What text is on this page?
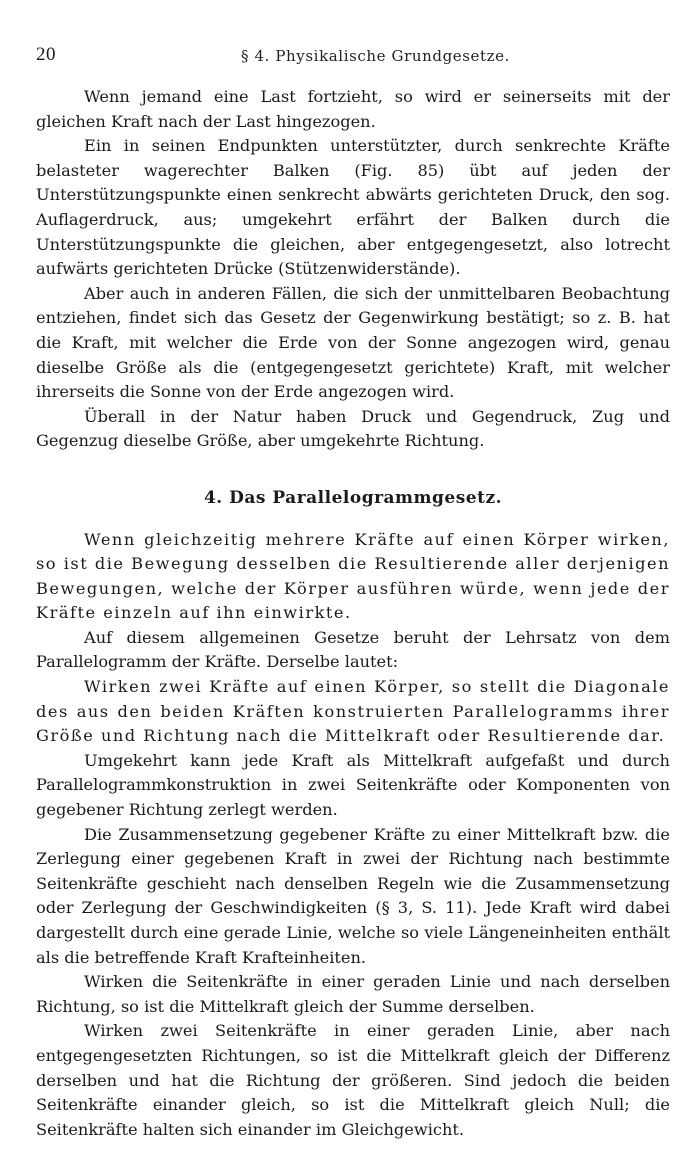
20	§ 4. Physikalische Grundgesetze.

Wenn jemand eine Last fortzieht, so wird er seinerseits mit der gleichen Kraft nach der Last hingezogen.

Ein in seinen Endpunkten unterstützter, durch senkrechte Kräfte belasteter wagerechter Balken (Fig. 85) übt auf jeden der Unterstützungspunkte einen senkrecht abwärts gerichteten Druck, den sog. Auflagerdruck, aus; umgekehrt erfährt der Balken durch die Unterstützungspunkte die gleichen, aber entgegengesetzt, also lotrecht aufwärts gerichteten Drücke (Stützenwiderstände).

Aber auch in anderen Fällen, die sich der unmittelbaren Beobachtung entziehen, findet sich das Gesetz der Gegenwirkung bestätigt; so z. B. hat die Kraft, mit welcher die Erde von der Sonne angezogen wird, genau dieselbe Größe als die (entgegengesetzt gerichtete) Kraft, mit welcher ihrerseits die Sonne von der Erde angezogen wird.

Überall in der Natur haben Druck und Gegendruck, Zug und Gegenzug dieselbe Größe, aber umgekehrte Richtung.

4. Das Parallelogrammgesetz.

Wenn gleichzeitig mehrere Kräfte auf einen Körper wirken, so ist die Bewegung desselben die Resultierende aller derjenigen Bewegungen, welche der Körper ausführen würde, wenn jede der Kräfte einzeln auf ihn einwirkte.

Auf diesem allgemeinen Gesetze beruht der Lehrsatz von dem Parallelogramm der Kräfte. Derselbe lautet:

Wirken zwei Kräfte auf einen Körper, so stellt die Diagonale des aus den beiden Kräften konstruierten Parallelogramms ihrer Größe und Richtung nach die Mittelkraft oder Resultierende dar.

Umgekehrt kann jede Kraft als Mittelkraft aufgefaßt und durch Parallelogrammkonstruktion in zwei Seitenkräfte oder Komponenten von gegebener Richtung zerlegt werden.

Die Zusammensetzung gegebener Kräfte zu einer Mittelkraft bzw. die Zerlegung einer gegebenen Kraft in zwei der Richtung nach bestimmte Seitenkräfte geschieht nach denselben Regeln wie die Zusammensetzung oder Zerlegung der Geschwindigkeiten (§ 3, S. 11). Jede Kraft wird dabei dargestellt durch eine gerade Linie, welche so viele Längeneinheiten enthält als die betreffende Kraft Krafteinheiten.

Wirken die Seitenkräfte in einer geraden Linie und nach derselben Richtung, so ist die Mittelkraft gleich der Summe derselben.

Wirken zwei Seitenkräfte in einer geraden Linie, aber nach entgegengesetzten Richtungen, so ist die Mittelkraft gleich der Differenz derselben und hat die Richtung der größeren. Sind jedoch die beiden Seitenkräfte einander gleich, so ist die Mittelkraft gleich Null; die Seitenkräfte halten sich einander im Gleichgewicht.
